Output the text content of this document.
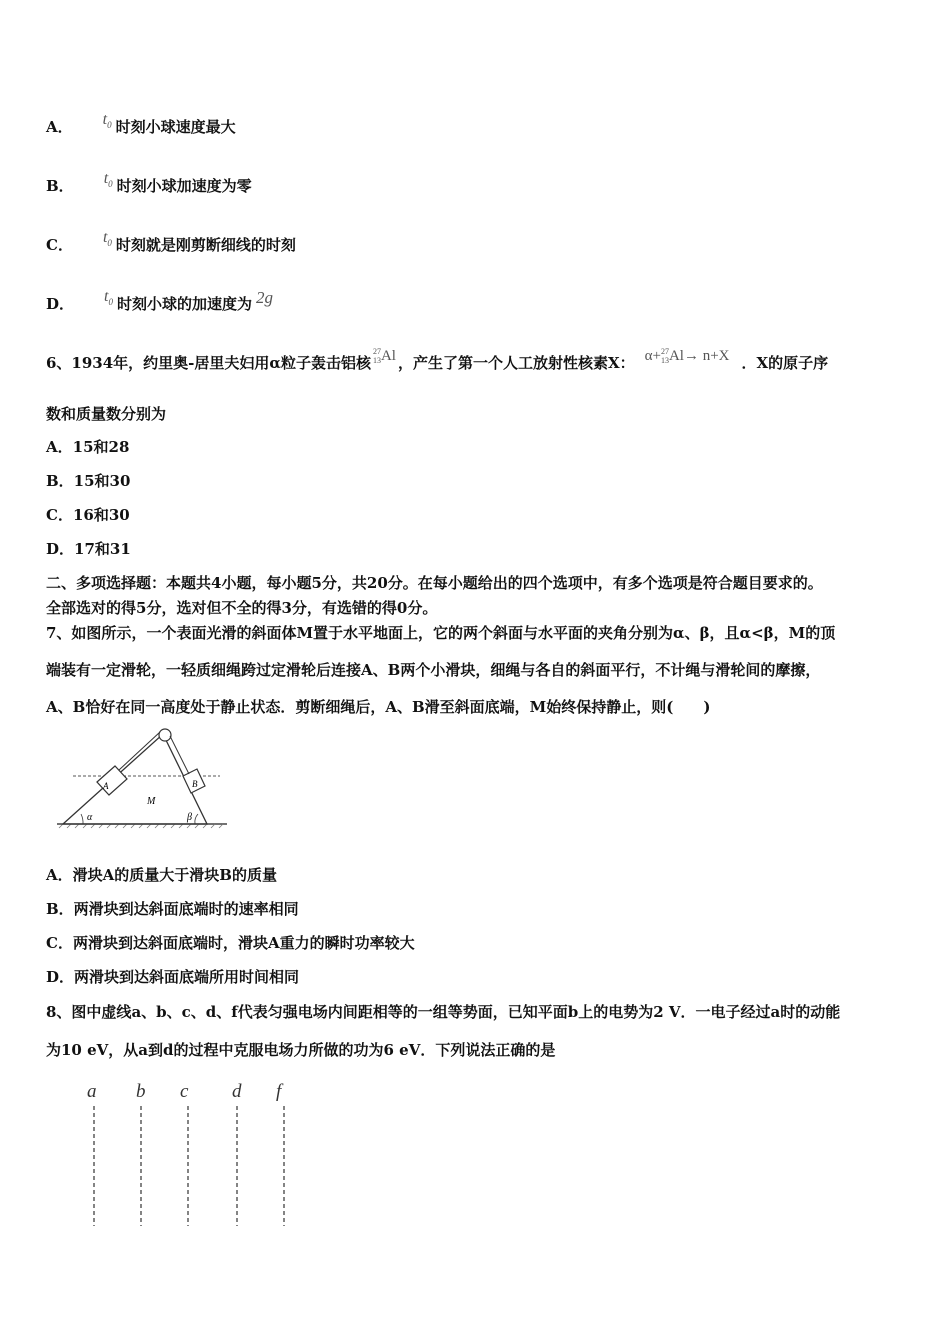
A． $t_0$ 时刻小球速度最大
B． $t_0$ 时刻小球加速度为零
C． $t_0$ 时刻就是刚剪断细线的时刻
D． $t_0$ 时刻小球的加速度为 2g
6、1934年，约里奥-居里夫妇用α粒子轰击铝核$^{27}_{13}$Al ，产生了第一个人工放射性核素X： α+$^{27}_{13}$Al→ n+X ．X的原子序
数和质量数分别为
A．15和28
B．15和30
C．16和30
D．17和31
二、多项选择题：本题共4小题，每小题5分，共20分。在每小题给出的四个选项中，有多个选项是符合题目要求的。
全部选对的得5分，选对但不全的得3分，有选错的得0分。
7、如图所示，一个表面光滑的斜面体M置于水平地面上，它的两个斜面与水平面的夹角分别为α、β，且α<β，M的顶
端装有一定滑轮，一轻质细绳跨过定滑轮后连接A、B两个小滑块，细绳与各自的斜面平行，不计绳与滑轮间的摩擦，
A、B恰好在同一高度处于静止状态．剪断细绳后，A、B滑至斜面底端，M始终保持静止，则(　　)
A	B
M
α	β
A．滑块A的质量大于滑块B的质量
B．两滑块到达斜面底端时的速率相同
C．两滑块到达斜面底端时，滑块A重力的瞬时功率较大
D．两滑块到达斜面底端所用时间相同
8、图中虚线a、b、c、d、f代表匀强电场内间距相等的一组等势面，已知平面b上的电势为2 V．一电子经过a时的动能
为10 eV，从a到d的过程中克服电场力所做的功为6 eV．下列说法正确的是
a b c d f
